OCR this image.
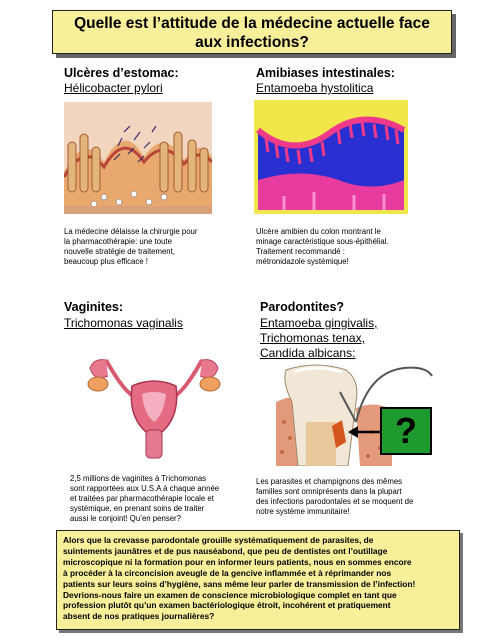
Quelle est l’attitude de la médecine actuelle face
aux infections?
Ulcères d’estomac:
Hélicobacter pylori
La médecine délaisse la chirurgie pour
la pharmacothérapie: une toute
nouvelle stratégie de traitement,
beaucoup plus efficace !
Amibiases intestinales:
Entamoeba hystolitica
Ulcère amibien du colon montrant le
minage caractéristique sous-épithélial.
Traitement recommandé :
métronidazole systémique!
Vaginites:
Trichomonas vaginalis
2,5 millions de vaginites à Trichomonas
sont rapportées aux U.S.A à chaque année
et traitées par pharmacothérapie locale et
systémique, en prenant soins de traiter
aussi le conjoint! Qu’en penser?
Parodontites?
Entamoeba gingivalis,
Trichomonas tenax,
Candida albicans:
?
Les parasites et champignons des mêmes
familles sont omniprésents dans la plupart
des infections parodontales et se moquent de
notre système immunitaire!
Alors que la crevasse parodontale grouille systématiquement de parasites, de
suintements jaunâtres et de pus nauséabond, que peu de dentistes ont l’outillage
microscopique ni la formation pour en informer leurs patients, nous en sommes encore
à procéder à la circoncision aveugle de la gencive inflammée et à réprimander nos
patients sur leurs soins d’hygiène, sans même leur parler de transmission de l’infection!
Devrions-nous faire un examen de conscience microbiologique complet en tant que
profession plutôt qu’un examen bactériologique étroit, incohérent et pratiquement
absent de nos pratiques journalières?
